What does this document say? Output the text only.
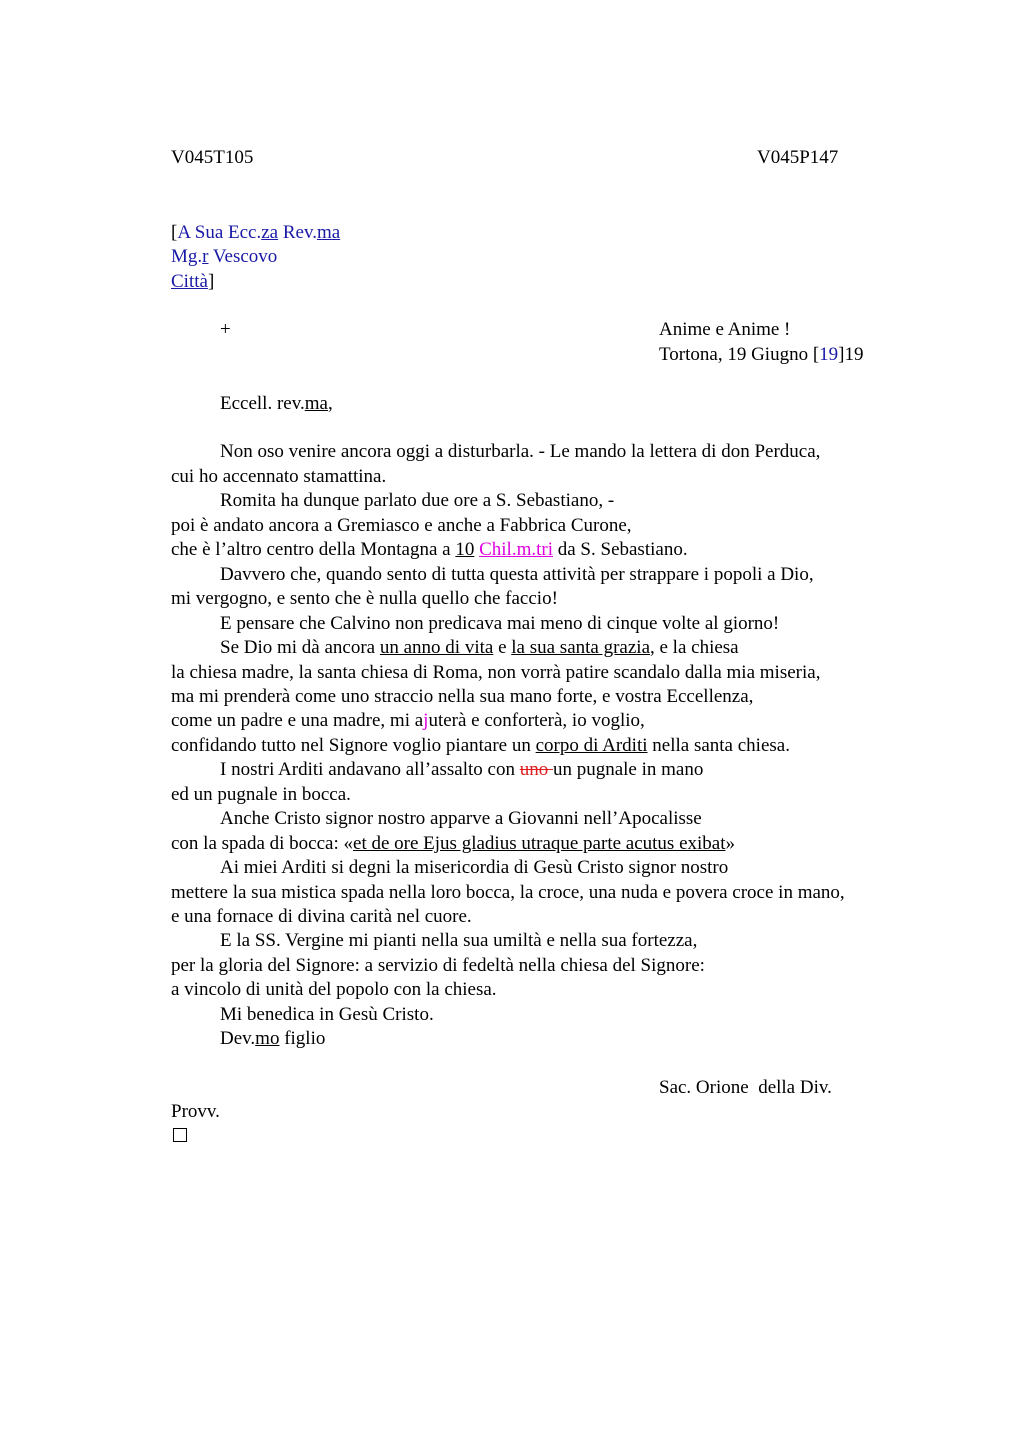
V045T105	V045P147
[A Sua Ecc.za Rev.ma
Mg.r Vescovo
Città]
+	Anime e Anime !
Tortona, 19 Giugno [19]19
Eccell. rev.ma,
Non oso venire ancora oggi a disturbarla. - Le mando la lettera di don Perduca,
cui ho accennato stamattina.
Romita ha dunque parlato due ore a S. Sebastiano, -
poi è andato ancora a Gremiasco e anche a Fabbrica Curone,
che è l’altro centro della Montagna a 10 Chil.m.tri da S. Sebastiano.
Davvero che, quando sento di tutta questa attività per strappare i popoli a Dio,
mi vergogno, e sento che è nulla quello che faccio!
E pensare che Calvino non predicava mai meno di cinque volte al giorno!
Se Dio mi dà ancora un anno di vita e la sua santa grazia, e la chiesa
la chiesa madre, la santa chiesa di Roma, non vorrà patire scandalo dalla mia miseria,
ma mi prenderà come uno straccio nella sua mano forte, e vostra Eccellenza,
come un padre e una madre, mi ajuterà e conforterà, io voglio,
confidando tutto nel Signore voglio piantare un corpo di Arditi nella santa chiesa.
I nostri Arditi andavano all’assalto con uno un pugnale in mano
ed un pugnale in bocca.
Anche Cristo signor nostro apparve a Giovanni nell’Apocalisse
con la spada di bocca: «et de ore Ejus gladius utraque parte acutus exibat»
Ai miei Arditi si degni la misericordia di Gesù Cristo signor nostro
mettere la sua mistica spada nella loro bocca, la croce, una nuda e povera croce in mano,
e una fornace di divina carità nel cuore.
E la SS. Vergine mi pianti nella sua umiltà e nella sua fortezza,
per la gloria del Signore: a servizio di fedeltà nella chiesa del Signore:
a vincolo di unità del popolo con la chiesa.
Mi benedica in Gesù Cristo.
Dev.mo figlio
Sac. Orione  della Div.
Provv.
